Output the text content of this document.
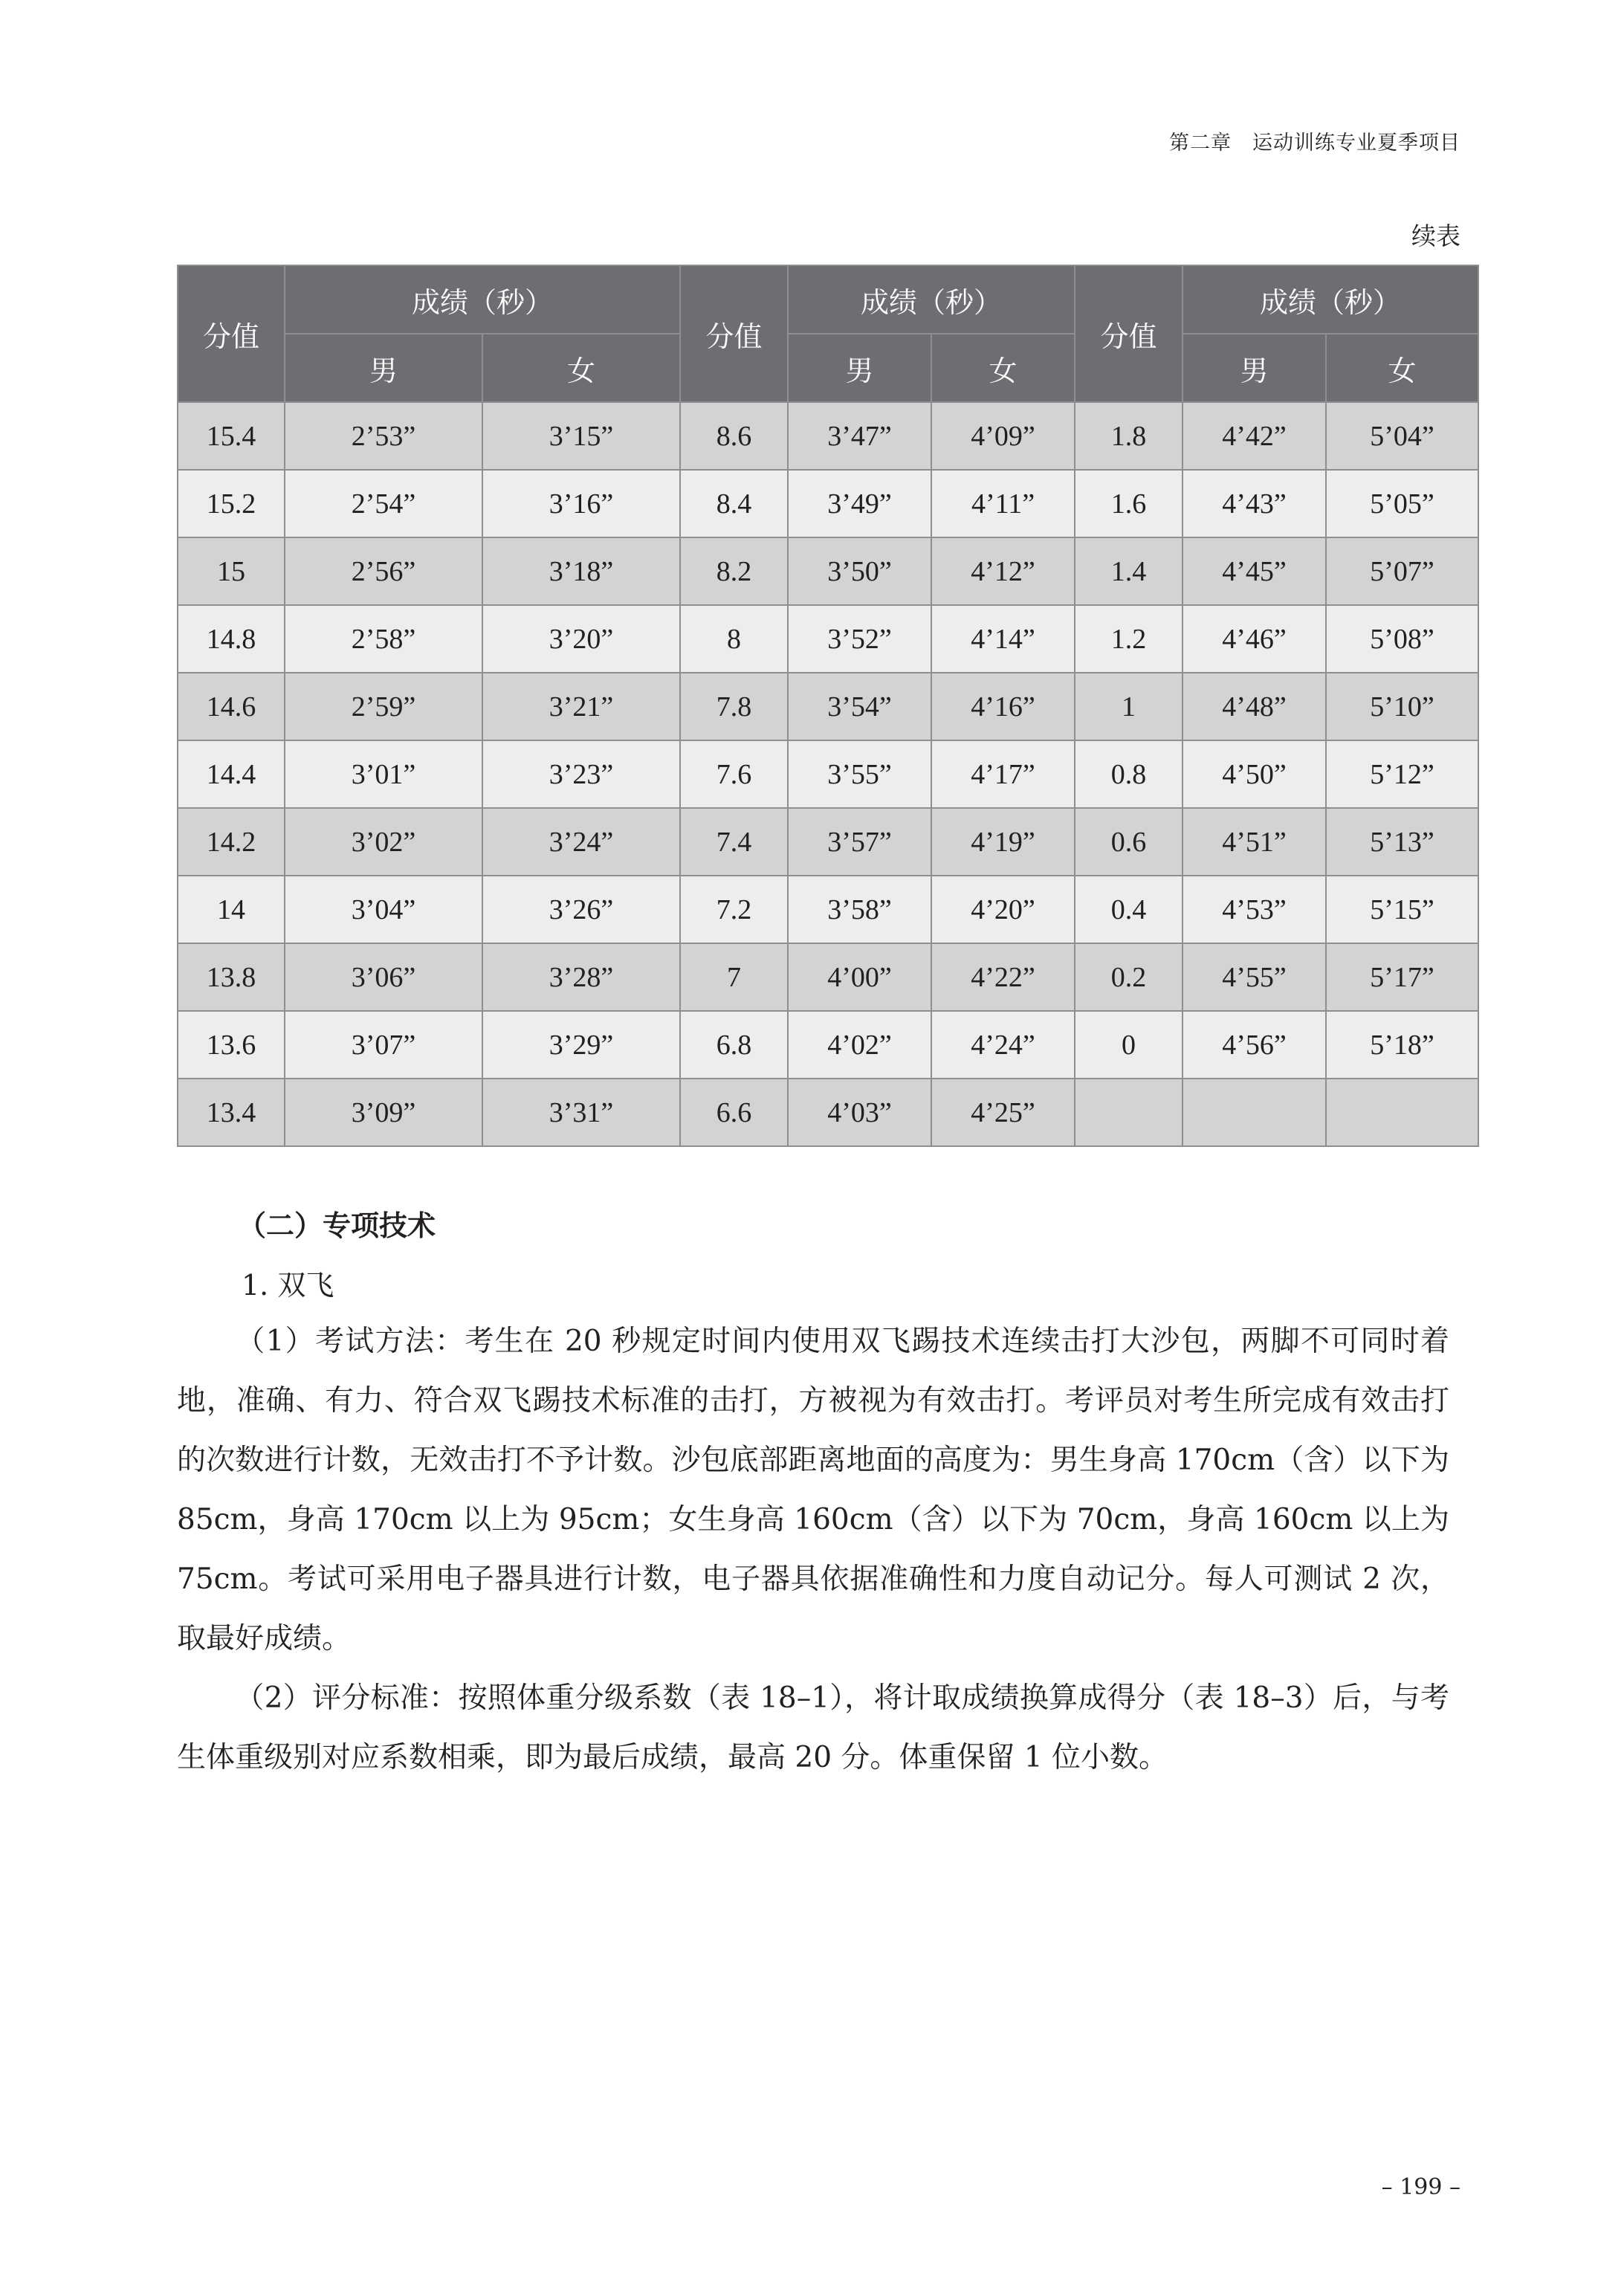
第二章　运动训练专业夏季项目
续表
分值	成绩（秒）		分值	成绩（秒）		分值	成绩（秒）	
	男	女		男	女		男	女
15.4	2’53”	3’15”	8.6	3’47”	4’09”	1.8	4’42”	5’04”
15.2	2’54”	3’16”	8.4	3’49”	4’11”	1.6	4’43”	5’05”
15	2’56”	3’18”	8.2	3’50”	4’12”	1.4	4’45”	5’07”
14.8	2’58”	3’20”	8	3’52”	4’14”	1.2	4’46”	5’08”
14.6	2’59”	3’21”	7.8	3’54”	4’16”	1	4’48”	5’10”
14.4	3’01”	3’23”	7.6	3’55”	4’17”	0.8	4’50”	5’12”
14.2	3’02”	3’24”	7.4	3’57”	4’19”	0.6	4’51”	5’13”
14	3’04”	3’26”	7.2	3’58”	4’20”	0.4	4’53”	5’15”
13.8	3’06”	3’28”	7	4’00”	4’22”	0.2	4’55”	5’17”
13.6	3’07”	3’29”	6.8	4’02”	4’24”	0	4’56”	5’18”
13.4	3’09”	3’31”	6.6	4’03”	4’25”			
（二）专项技术
1. 双飞

（1）考试方法：考生在 20 秒规定时间内使用双飞踢技术连续击打大沙包，两脚不可同时着地，准确、有力、符合双飞踢技术标准的击打，方被视为有效击打。考评员对考生所完成有效击打的次数进行计数，无效击打不予计数。沙包底部距离地面的高度为：男生身高 170cm（含）以下为 85cm，身高 170cm 以上为 95cm；女生身高 160cm（含）以下为 70cm，身高 160cm 以上为 75cm。考试可采用电子器具进行计数，电子器具依据准确性和力度自动记分。每人可测试 2 次，取最好成绩。

（2）评分标准：按照体重分级系数（表 18–1），将计取成绩换算成得分（表 18–3）后，与考生体重级别对应系数相乘，即为最后成绩，最高 20 分。体重保留 1 位小数。

– 199 –
